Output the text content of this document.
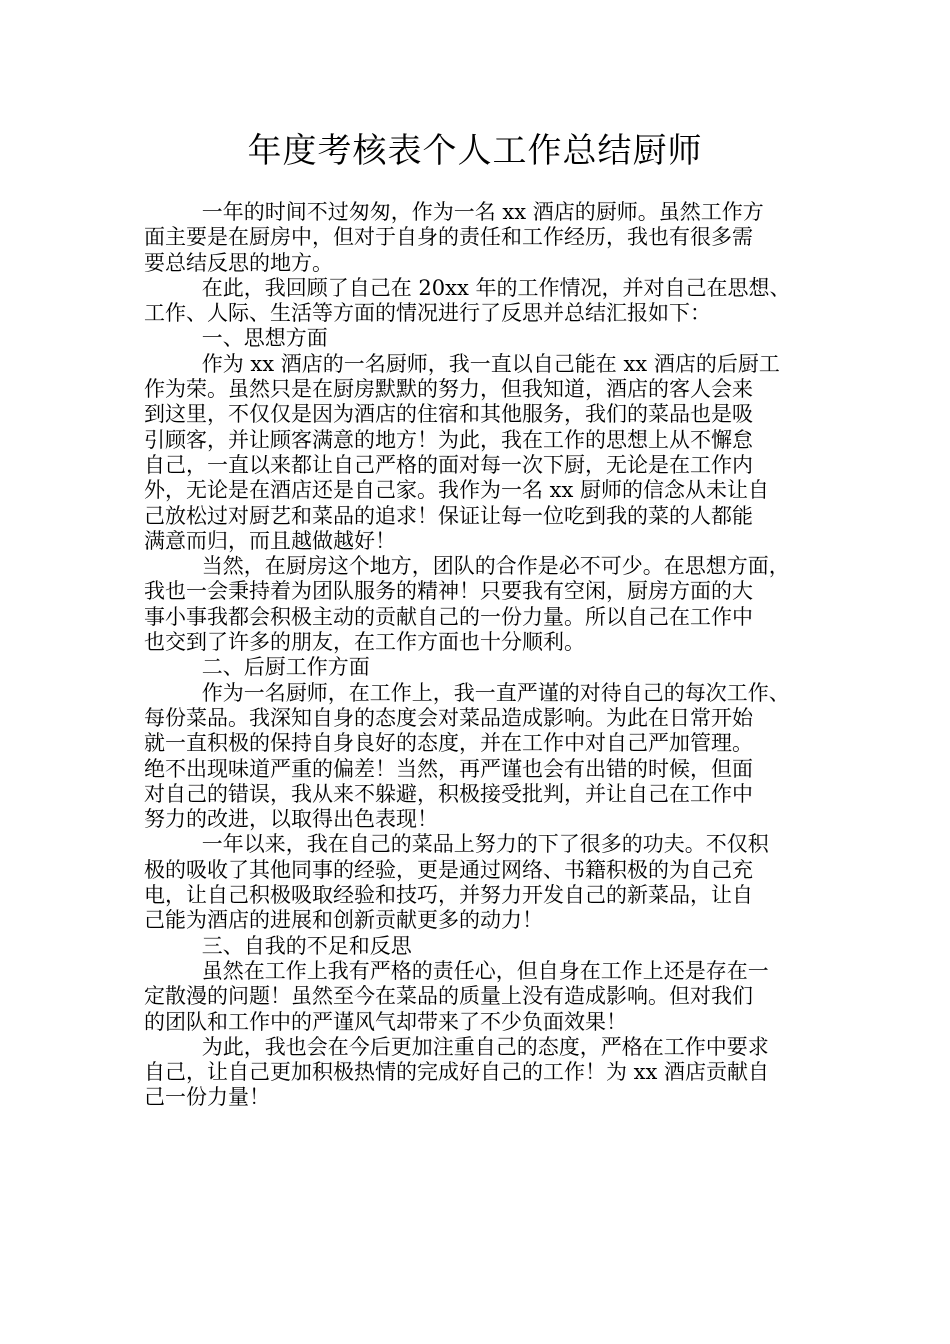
年度考核表个人工作总结厨师

一年的时间不过匆匆，作为一名 xx 酒店的厨师。虽然工作方
面主要是在厨房中，但对于自身的责任和工作经历，我也有很多需
要总结反思的地方。

在此，我回顾了自己在 20xx 年的工作情况，并对自己在思想、
工作、人际、生活等方面的情况进行了反思并总结汇报如下：

一、思想方面

作为 xx 酒店的一名厨师，我一直以自己能在 xx 酒店的后厨工
作为荣。虽然只是在厨房默默的努力，但我知道，酒店的客人会来
到这里，不仅仅是因为酒店的住宿和其他服务，我们的菜品也是吸
引顾客，并让顾客满意的地方！为此，我在工作的思想上从不懈怠
自己，一直以来都让自己严格的面对每一次下厨，无论是在工作内
外，无论是在酒店还是自己家。我作为一名 xx 厨师的信念从未让自
己放松过对厨艺和菜品的追求！保证让每一位吃到我的菜的人都能
满意而归，而且越做越好！

当然，在厨房这个地方，团队的合作是必不可少。在思想方面，
我也一会秉持着为团队服务的精神！只要我有空闲，厨房方面的大
事小事我都会积极主动的贡献自己的一份力量。所以自己在工作中
也交到了许多的朋友，在工作方面也十分顺利。

二、后厨工作方面

作为一名厨师，在工作上，我一直严谨的对待自己的每次工作、
每份菜品。我深知自身的态度会对菜品造成影响。为此在日常开始
就一直积极的保持自身良好的态度，并在工作中对自己严加管理。
绝不出现味道严重的偏差！当然，再严谨也会有出错的时候，但面
对自己的错误，我从来不躲避，积极接受批判，并让自己在工作中
努力的改进，以取得出色表现！

一年以来，我在自己的菜品上努力的下了很多的功夫。不仅积
极的吸收了其他同事的经验，更是通过网络、书籍积极的为自己充
电，让自己积极吸取经验和技巧，并努力开发自己的新菜品，让自
己能为酒店的进展和创新贡献更多的动力！

三、自我的不足和反思

虽然在工作上我有严格的责任心，但自身在工作上还是存在一
定散漫的问题！虽然至今在菜品的质量上没有造成影响。但对我们
的团队和工作中的严谨风气却带来了不少负面效果！

为此，我也会在今后更加注重自己的态度，严格在工作中要求
自己，让自己更加积极热情的完成好自己的工作！为 xx 酒店贡献自
己一份力量！
